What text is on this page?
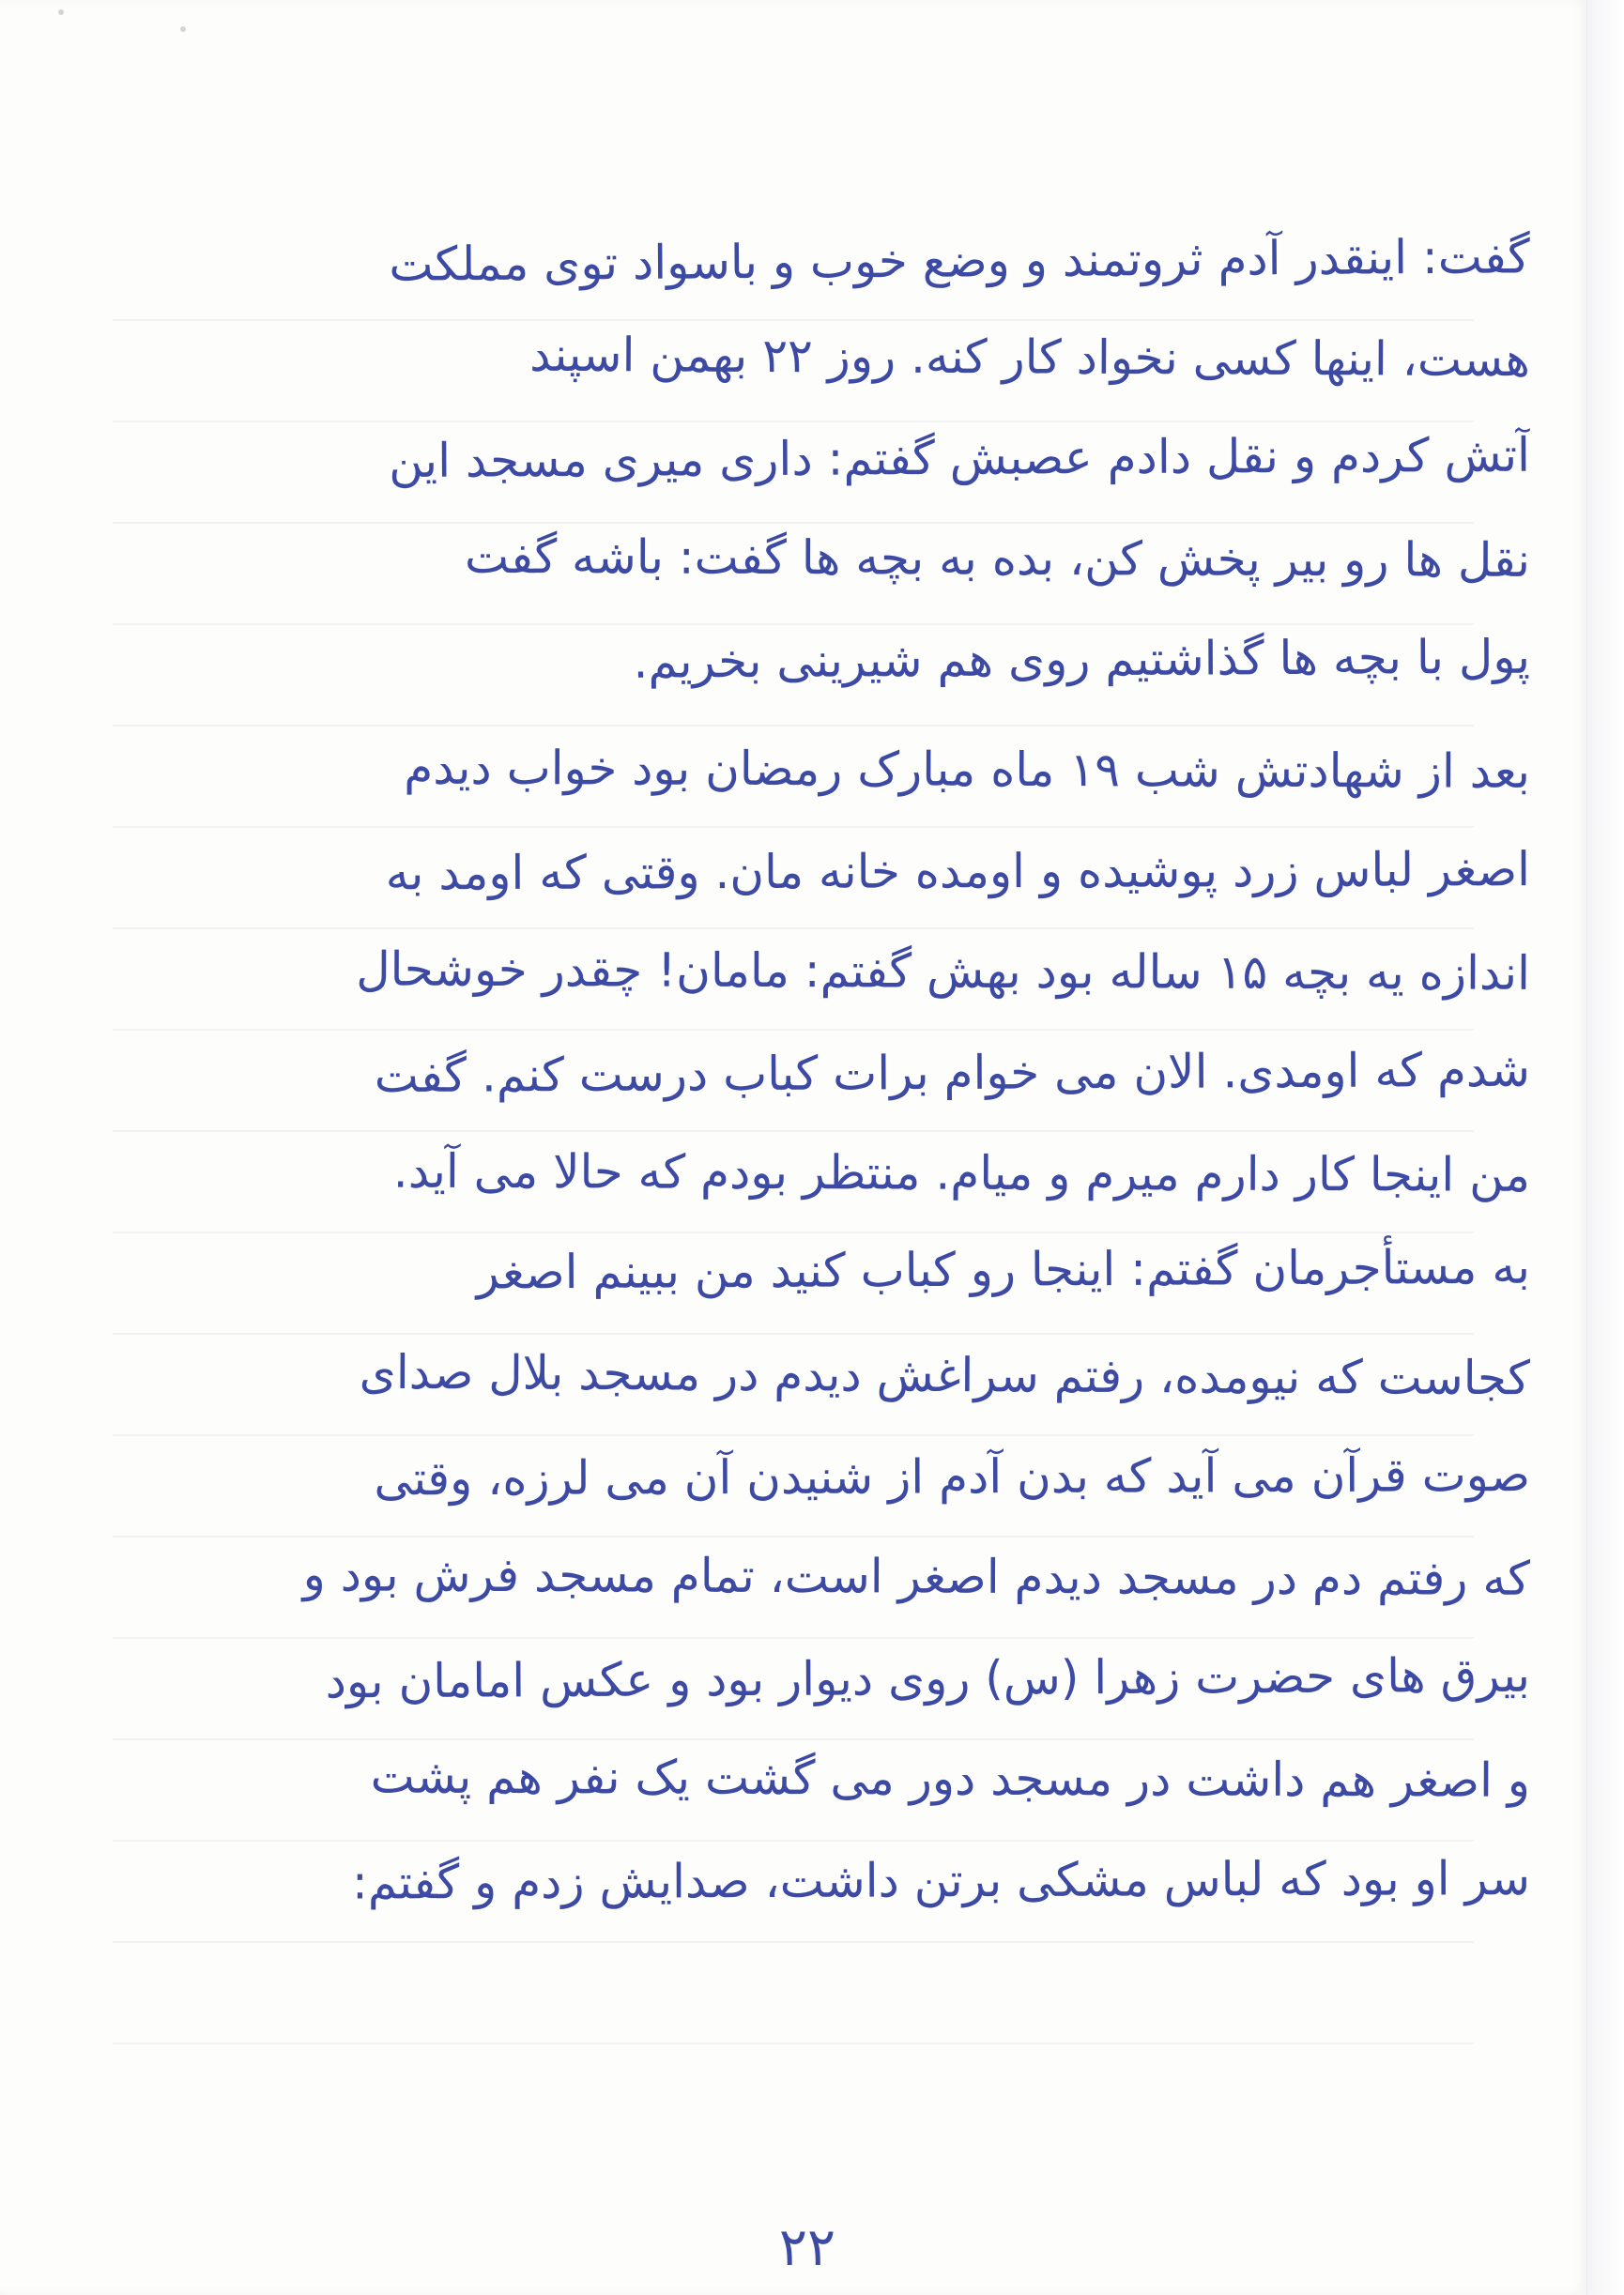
گفت: اینقدر آدم ثروتمند و وضع خوب و باسواد توی مملکت
هست، اینها کسی نخواد کار کنه. روز ۲۲ بهمن اسپند
آتش کردم و نقل دادم عصبش گفتم: داری میری مسجد این
نقل ها رو بیر پخش کن، بده به بچه ها گفت: باشه گفت
پول با بچه ها گذاشتیم روی هم شیرینی بخریم.
بعد از شهادتش شب ۱۹ ماه مبارک رمضان بود خواب دیدم
اصغر لباس زرد پوشیده و اومده خانه مان. وقتی که اومد به
اندازه یه بچه ۱۵ ساله بود بهش گفتم: مامان! چقدر خوشحال
شدم که اومدی. الان می خوام برات کباب درست کنم. گفت
من اینجا کار دارم میرم و میام. منتظر بودم که حالا می آید.
به مستأجرمان گفتم: اینجا رو کباب کنید من ببینم اصغر
کجاست که نیومده، رفتم سراغش دیدم در مسجد بلال صدای
صوت قرآن می آید که بدن آدم از شنیدن آن می لرزه، وقتی
که رفتم دم در مسجد دیدم اصغر است، تمام مسجد فرش بود و
بیرق های حضرت زهرا (س) روی دیوار بود و عکس امامان بود
و اصغر هم داشت در مسجد دور می گشت یک نفر هم پشت
سر او بود که لباس مشکی برتن داشت، صدایش زدم و گفتم:
۲۲
